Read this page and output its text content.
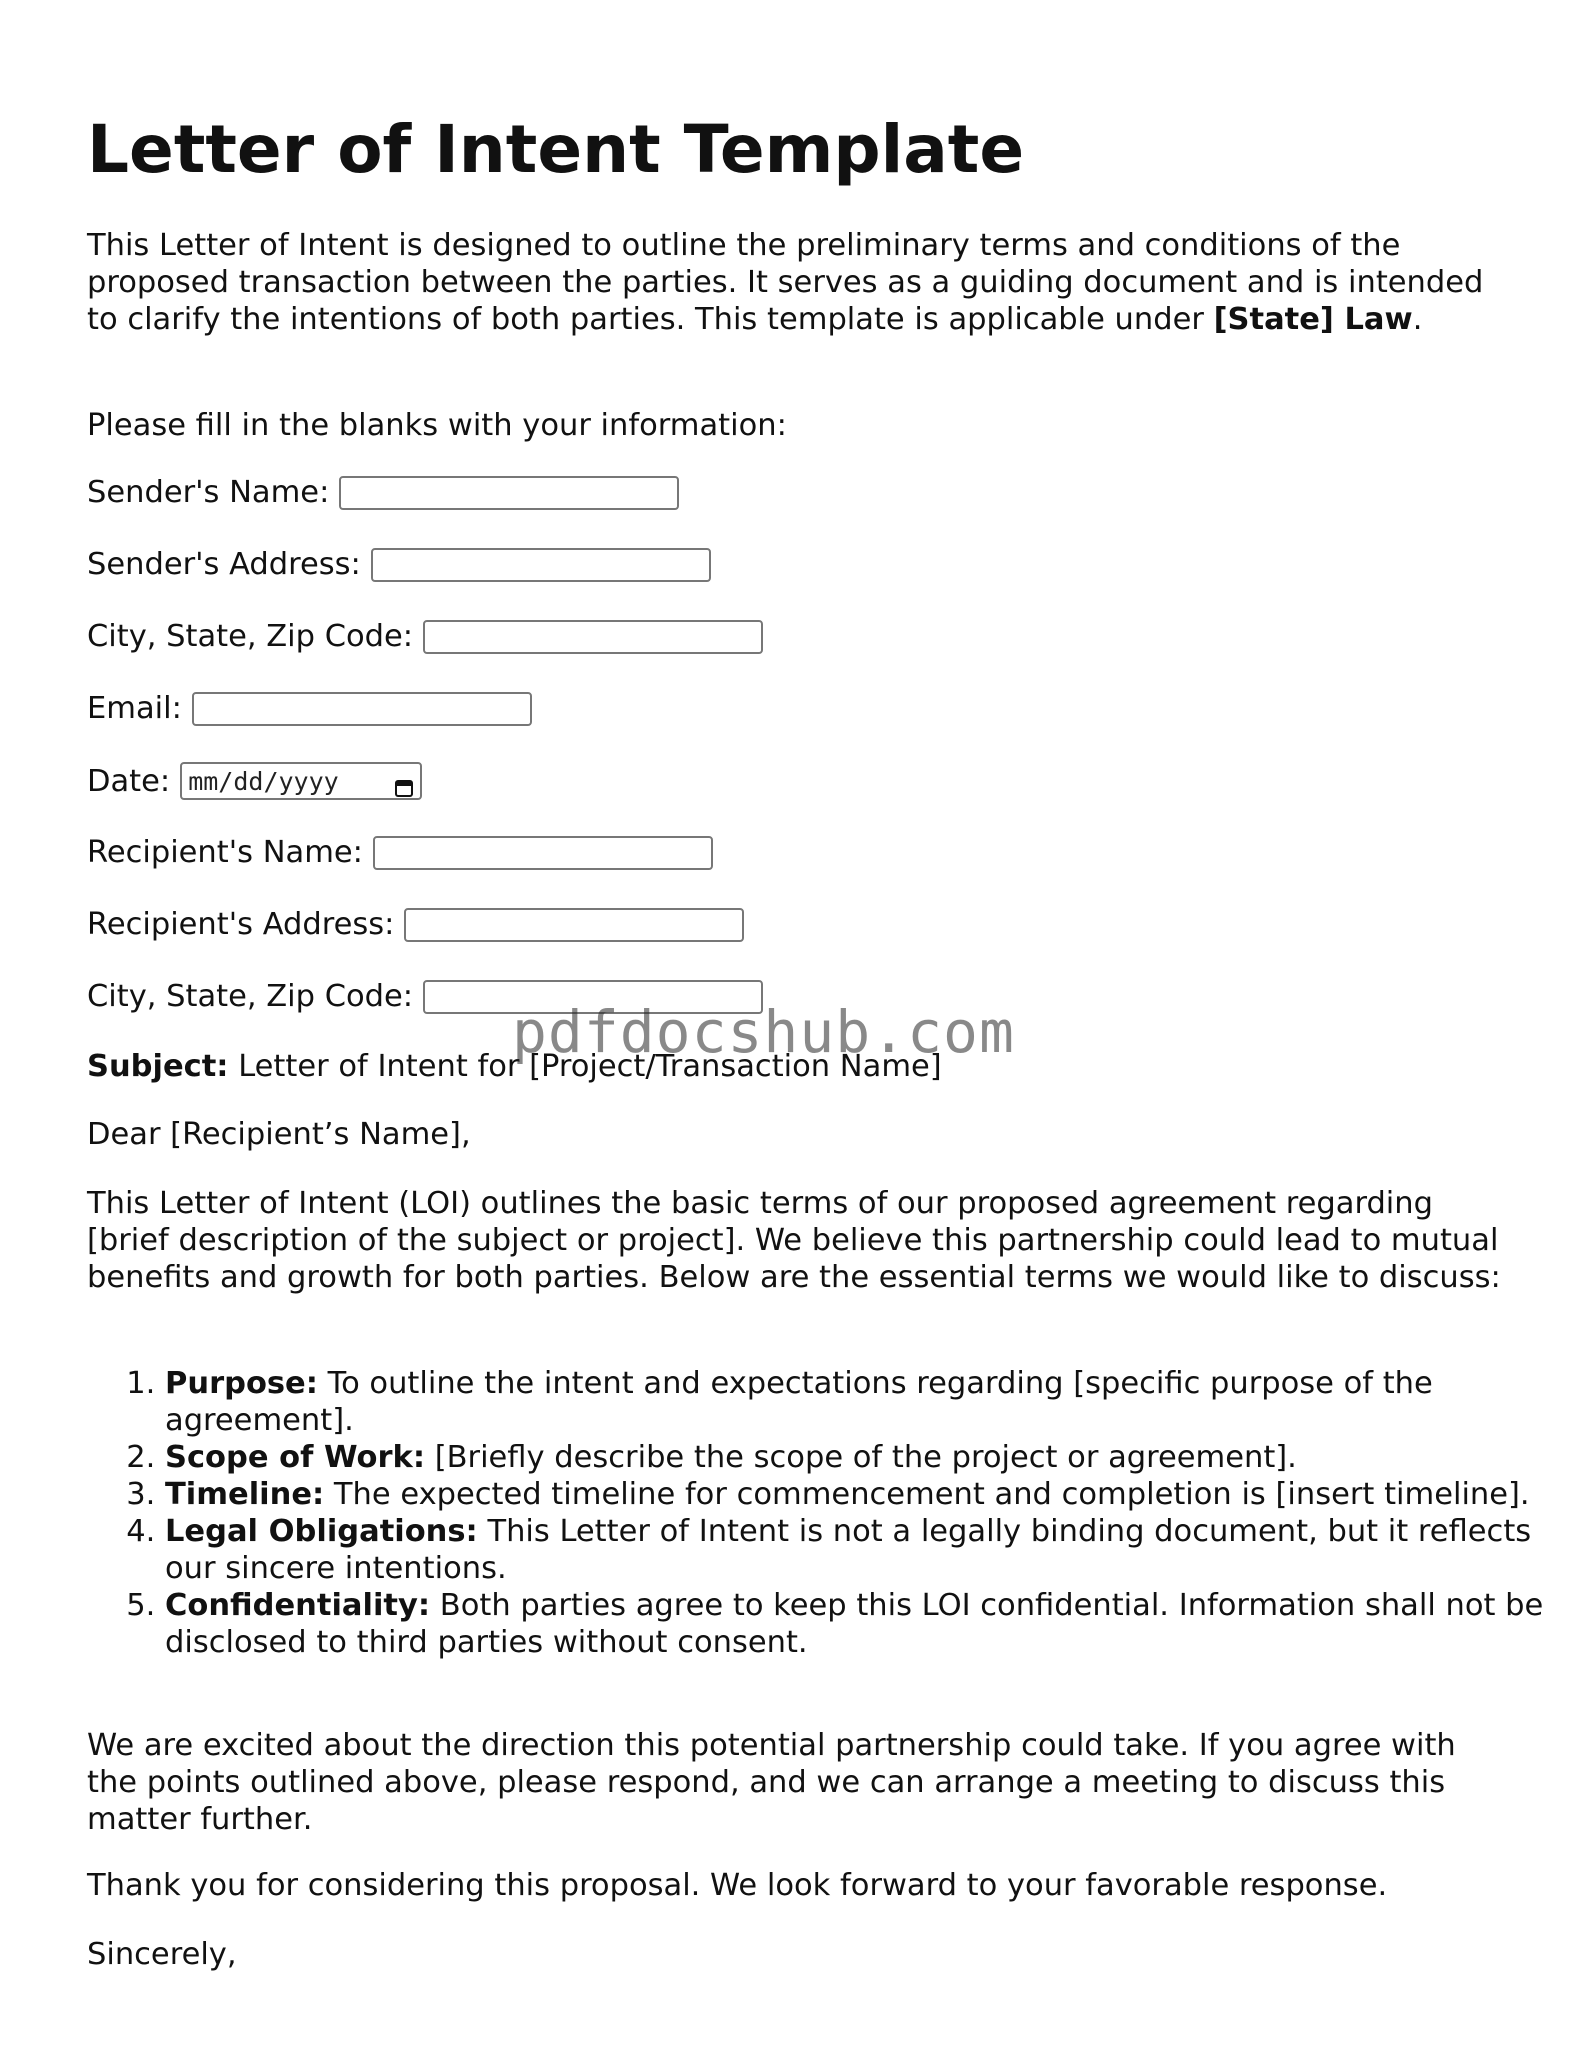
Letter of Intent Template

This Letter of Intent is designed to outline the preliminary terms and conditions of the proposed transaction between the parties. It serves as a guiding document and is intended to clarify the intentions of both parties. This template is applicable under [State] Law.

Please fill in the blanks with your information:

Sender's Name:
Sender's Address:
City, State, Zip Code:
Email:
Date: mm/dd/yyyy
Recipient's Name:
Recipient's Address:
City, State, Zip Code:

Subject: Letter of Intent for [Project/Transaction Name]

Dear [Recipient’s Name],

This Letter of Intent (LOI) outlines the basic terms of our proposed agreement regarding [brief description of the subject or project]. We believe this partnership could lead to mutual benefits and growth for both parties. Below are the essential terms we would like to discuss:

1. Purpose: To outline the intent and expectations regarding [specific purpose of the agreement].
2. Scope of Work: [Briefly describe the scope of the project or agreement].
3. Timeline: The expected timeline for commencement and completion is [insert timeline].
4. Legal Obligations: This Letter of Intent is not a legally binding document, but it reflects our sincere intentions.
5. Confidentiality: Both parties agree to keep this LOI confidential. Information shall not be disclosed to third parties without consent.

We are excited about the direction this potential partnership could take. If you agree with the points outlined above, please respond, and we can arrange a meeting to discuss this matter further.

Thank you for considering this proposal. We look forward to your favorable response.

Sincerely,

pdfdocshub.com
